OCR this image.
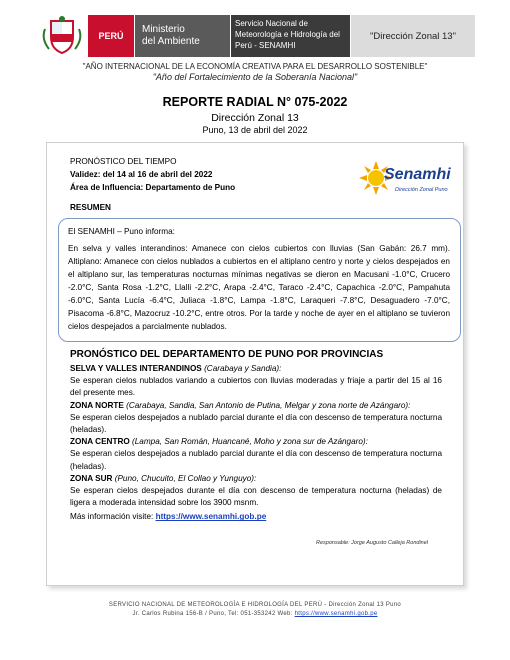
PERÚ
Ministerio
del Ambiente
Servicio Nacional de
Meteorología e Hidrología del
Perú - SENAMHI
"Dirección Zonal 13"
"AÑO INTERNACIONAL DE LA ECONOMÍA CREATIVA PARA EL DESARROLLO SOSTENIBLE"
"Año del Fortalecimiento de la Soberanía Nacional"
REPORTE RADIAL N° 075-2022
Dirección Zonal 13
Puno, 13 de abril del 2022
PRONÓSTICO DEL TIEMPO
Validez: del 14 al 16 de abril del 2022
Área de Influencia: Departamento de Puno
RESUMEN
Senamhi
Dirección Zonal Puno
El SENAMHI – Puno informa:
En selva y valles interandinos: Amanece con cielos cubiertos con lluvias (San Gabán: 26.7 mm). Altiplano: Amanece con cielos nublados a cubiertos en el altiplano centro y norte y cielos despejados en el altiplano sur, las temperaturas nocturnas mínimas negativas se dieron en Macusani -1.0°C, Crucero -2.0°C, Santa Rosa -1.2°C, Llalli -2.2°C, Arapa -2.4°C, Taraco -2.4°C, Capachica -2.0°C, Pampahuta -6.0°C, Santa Lucía -6.4°C, Juliaca -1.8°C, Lampa -1.8°C, Laraqueri -7.8°C, Desaguadero -7.0°C, Pisacoma -6.8°C, Mazocruz -10.2°C, entre otros. Por la tarde y noche de ayer en el altiplano se tuvieron cielos despejados a parcialmente nublados.
PRONÓSTICO DEL DEPARTAMENTO DE PUNO POR PROVINCIAS

SELVA Y VALLES INTERANDINOS (Carabaya y Sandia):

Se esperan cielos nublados variando a cubiertos con lluvias moderadas y friaje a partir del 15 al 16 del presente mes.

ZONA NORTE (Carabaya, Sandia, San Antonio de Putina, Melgar y zona norte de Azángaro):

Se esperan cielos despejados a nublado parcial durante el día con descenso de temperatura nocturna (heladas).

ZONA CENTRO (Lampa, San Román, Huancané, Moho y zona sur de Azángaro):

Se esperan cielos despejados a nublado parcial durante el día con descenso de temperatura nocturna (heladas).

ZONA SUR (Puno, Chucuito, El Collao y Yunguyo):

Se esperan cielos despejados durante el día con descenso de temperatura nocturna (heladas) de ligera a moderada intensidad sobre los 3900 msnm.

Más información visite: https://www.senamhi.gob.pe

Responsable: Jorge Augusto Calleja Rondinel
SERVICIO NACIONAL DE METEOROLOGÍA E HIDROLOGÍA DEL PERÚ - Dirección Zonal 13 Puno
Jr. Carlos Rubina 156-B / Puno, Tel: 051-353242 Web: https://www.senamhi.gob.pe
